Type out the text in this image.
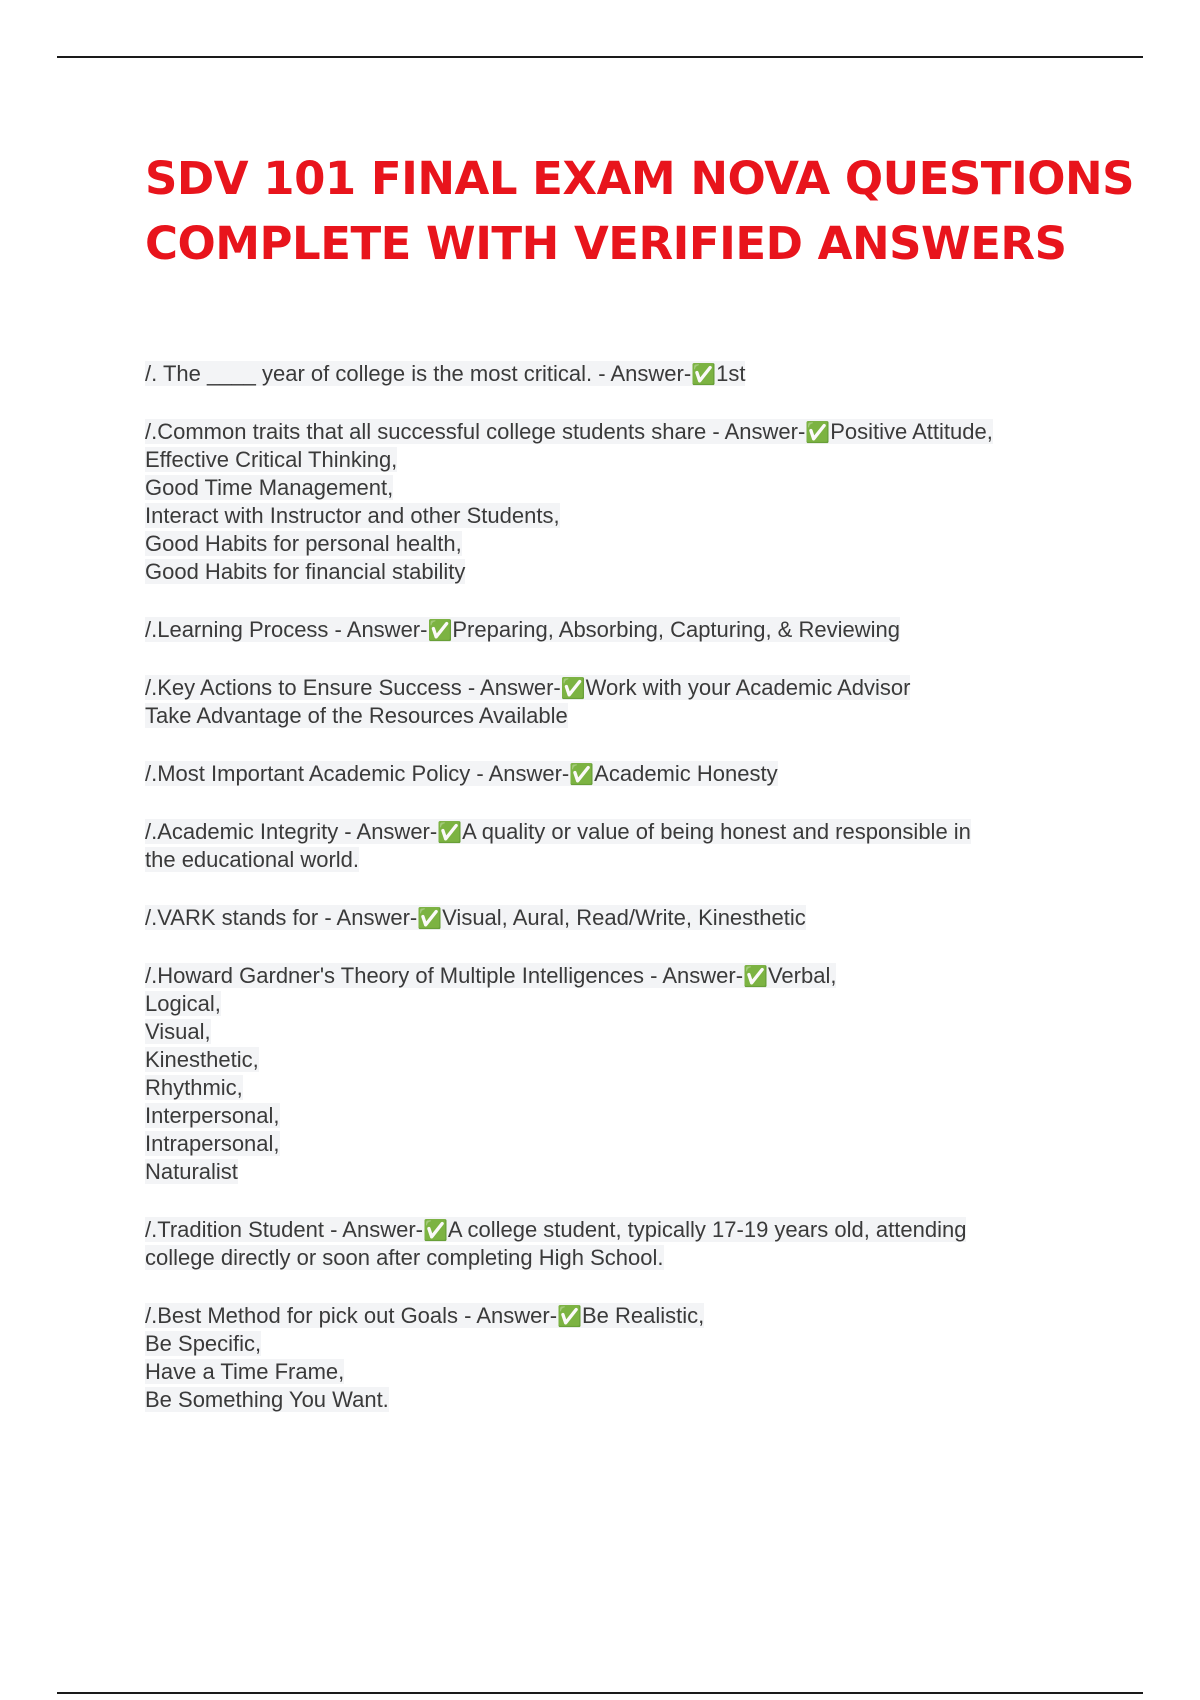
SDV 101 FINAL EXAM NOVA QUESTIONS
COMPLETE WITH VERIFIED ANSWERS
/. The ____ year of college is the most critical. - Answer-✅1st
/.Common traits that all successful college students share - Answer-✅Positive Attitude,
Effective Critical Thinking,
Good Time Management,
Interact with Instructor and other Students,
Good Habits for personal health,
Good Habits for financial stability
/.Learning Process - Answer-✅Preparing, Absorbing, Capturing, & Reviewing
/.Key Actions to Ensure Success - Answer-✅Work with your Academic Advisor
Take Advantage of the Resources Available
/.Most Important Academic Policy - Answer-✅Academic Honesty
/.Academic Integrity - Answer-✅A quality or value of being honest and responsible in
the educational world.
/.VARK stands for - Answer-✅Visual, Aural, Read/Write, Kinesthetic
/.Howard Gardner's Theory of Multiple Intelligences - Answer-✅Verbal,
Logical,
Visual,
Kinesthetic,
Rhythmic,
Interpersonal,
Intrapersonal,
Naturalist
/.Tradition Student - Answer-✅A college student, typically 17-19 years old, attending
college directly or soon after completing High School.
/.Best Method for pick out Goals - Answer-✅Be Realistic,
Be Specific,
Have a Time Frame,
Be Something You Want.
